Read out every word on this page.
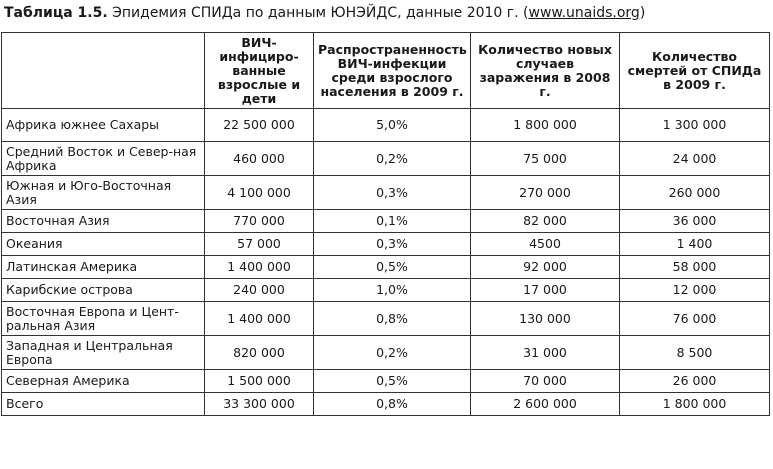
Таблица 1.5. Эпидемия СПИДа по данным ЮНЭЙДС, данные 2010 г. (www.unaids.org)
	ВИЧ-инфициро-ванные взрослые и дети	Распространенность ВИЧ-инфекции среди взрослого населения в 2009 г.	Количество новых случаев заражения в 2008 г.	Количество смертей от СПИДа в 2009 г.
Африка южнее Сахары	22 500 000	5,0%	1 800 000	1 300 000
Средний Восток и Север-ная Африка	460 000	0,2%	75 000	24 000
Южная и Юго-Восточная Азия	4 100 000	0,3%	270 000	260 000
Восточная Азия	770 000	0,1%	82 000	36 000
Океания	57 000	0,3%	4500	1 400
Латинская Америка	1 400 000	0,5%	92 000	58 000
Карибские острова	240 000	1,0%	17 000	12 000
Восточная Европа и Цент-ральная Азия	1 400 000	0,8%	130 000	76 000
Западная и Центральная Европа	820 000	0,2%	31 000	8 500
Северная Америка	1 500 000	0,5%	70 000	26 000
Всего	33 300 000	0,8%	2 600 000	1 800 000
